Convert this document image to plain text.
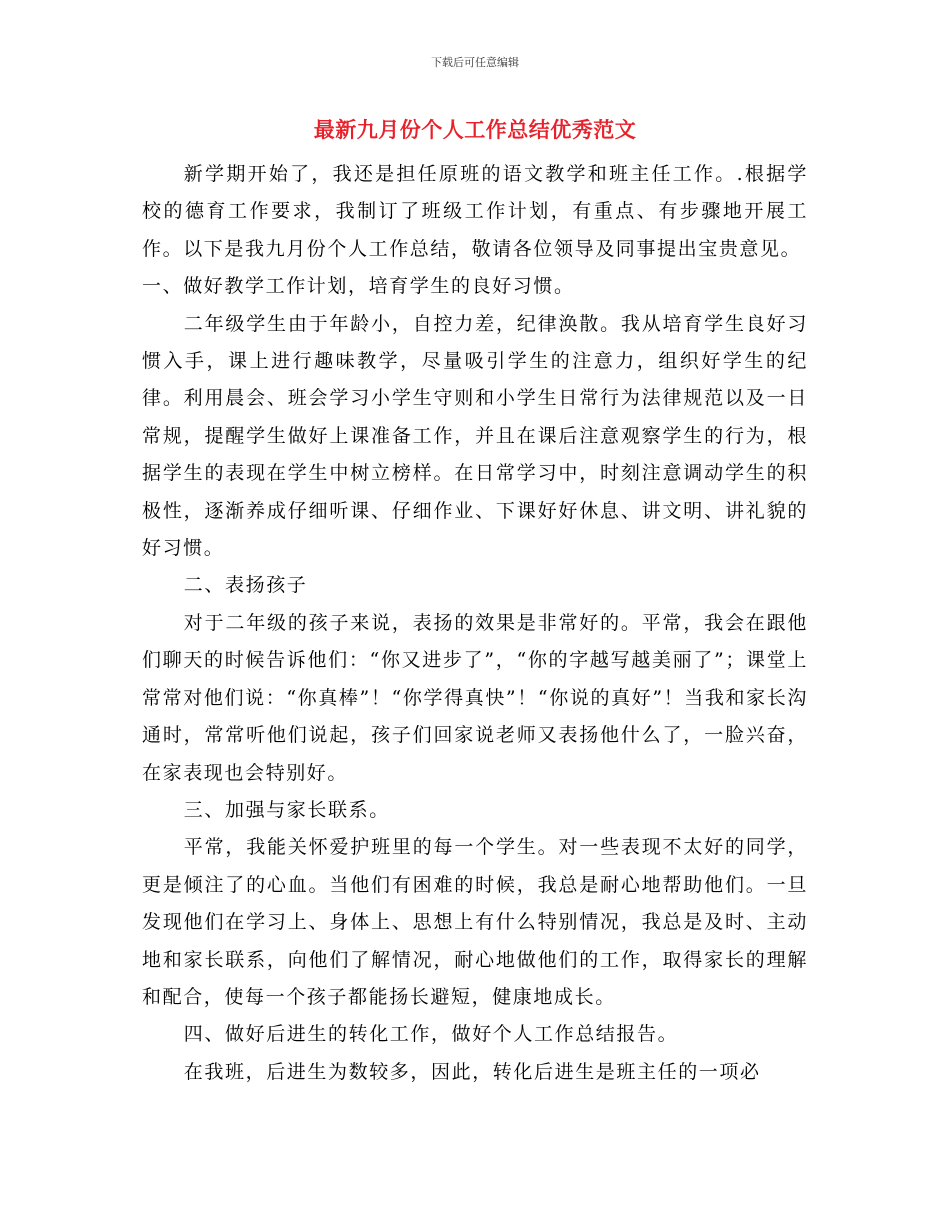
下载后可任意编辑
最新九月份个人工作总结优秀范文

新学期开始了，我还是担任原班的语文教学和班主任工作。.根据学校的德育工作要求，我制订了班级工作计划，有重点、有步骤地开展工作。以下是我九月份个人工作总结，敬请各位领导及同事提出宝贵意见。

一、做好教学工作计划，培育学生的良好习惯。

二年级学生由于年龄小，自控力差，纪律涣散。我从培育学生良好习惯入手，课上进行趣味教学，尽量吸引学生的注意力，组织好学生的纪律。利用晨会、班会学习小学生守则和小学生日常行为法律规范以及一日常规，提醒学生做好上课准备工作，并且在课后注意观察学生的行为，根据学生的表现在学生中树立榜样。在日常学习中，时刻注意调动学生的积极性，逐渐养成仔细听课、仔细作业、下课好好休息、讲文明、讲礼貌的好习惯。

二、表扬孩子

对于二年级的孩子来说，表扬的效果是非常好的。平常，我会在跟他们聊天的时候告诉他们：“你又进步了”，“你的字越写越美丽了”；课堂上常常对他们说：“你真棒”！“你学得真快”！“你说的真好”！当我和家长沟通时，常常听他们说起，孩子们回家说老师又表扬他什么了，一脸兴奋，在家表现也会特别好。

三、加强与家长联系。

平常，我能关怀爱护班里的每一个学生。对一些表现不太好的同学，更是倾注了的心血。当他们有困难的时候，我总是耐心地帮助他们。一旦发现他们在学习上、身体上、思想上有什么特别情况，我总是及时、主动地和家长联系，向他们了解情况，耐心地做他们的工作，取得家长的理解和配合，使每一个孩子都能扬长避短，健康地成长。

四、做好后进生的转化工作，做好个人工作总结报告。

在我班，后进生为数较多，因此，转化后进生是班主任的一项必
